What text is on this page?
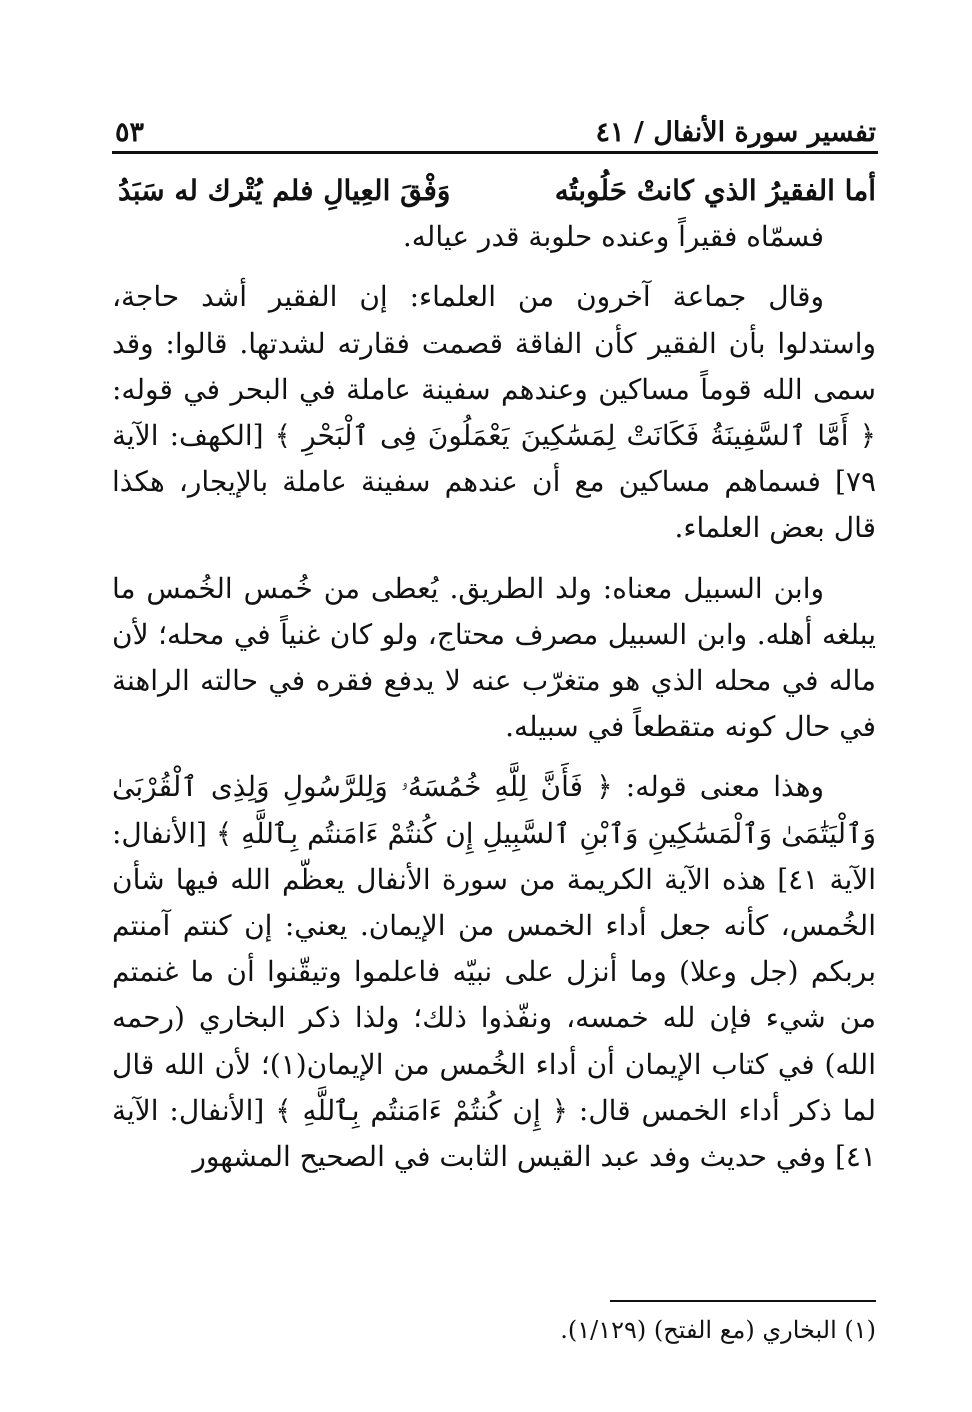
تفسير سورة الأنفال / ٤١
٥٣
أما الفقيرُ الذي كانتْ حَلُوبتُه
وَفْقَ العِيالِ فلم يُتْرك له سَبَدُ

فسمّاه فقيراً وعنده حلوبة قدر عياله.

وقال جماعة آخرون من العلماء: إن الفقير أشد حاجة، واستدلوا بأن الفقير كأن الفاقة قصمت فقارته لشدتها. قالوا: وقد سمى الله قوماً مساكين وعندهم سفينة عاملة في البحر في قوله: ﴿ أَمَّا ٱلسَّفِينَةُ فَكَانَتْ لِمَسَٰكِينَ يَعْمَلُونَ فِى ٱلْبَحْرِ ﴾ [الكهف: الآية ٧٩] فسماهم مساكين مع أن عندهم سفينة عاملة بالإيجار، هكذا قال بعض العلماء.

وابن السبيل معناه: ولد الطريق. يُعطى من خُمس الخُمس ما يبلغه أهله. وابن السبيل مصرف محتاج، ولو كان غنياً في محله؛ لأن ماله في محله الذي هو متغرّب عنه لا يدفع فقره في حالته الراهنة في حال كونه متقطعاً في سبيله.

وهذا معنى قوله: ﴿ فَأَنَّ لِلَّهِ خُمُسَهُۥ وَلِلرَّسُولِ وَلِذِى ٱلْقُرْبَىٰ وَٱلْيَتَٰمَىٰ وَٱلْمَسَٰكِينِ وَٱبْنِ ٱلسَّبِيلِ إِن كُنتُمْ ءَامَنتُم بِٱللَّهِ ﴾ [الأنفال: الآية ٤١] هذه الآية الكريمة من سورة الأنفال يعظّم الله فيها شأن الخُمس، كأنه جعل أداء الخمس من الإيمان. يعني: إن كنتم آمنتم بربكم (جل وعلا) وما أنزل على نبيّه فاعلموا وتيقّنوا أن ما غنمتم من شيء فإن لله خمسه، ونفّذوا ذلك؛ ولذا ذكر البخاري (رحمه الله) في كتاب الإيمان أن أداء الخُمس من الإيمان(١)؛ لأن الله قال لما ذكر أداء الخمس قال: ﴿ إِن كُنتُمْ ءَامَنتُم بِٱللَّهِ ﴾ [الأنفال: الآية ٤١] وفي حديث وفد عبد القيس الثابت في الصحيح المشهور

(١) البخاري (مع الفتح) (١/١٢٩).
